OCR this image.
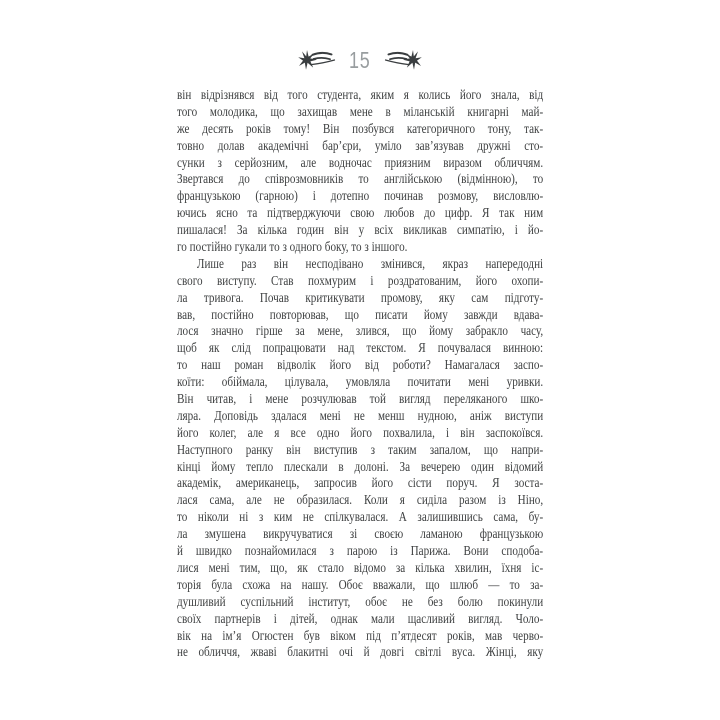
15
він відрізнявся від того студента, яким я колись його знала, від
того молодика, що захищав мене в міланській книгарні май-
же десять років тому! Він позбувся категоричного тону, так-
товно долав академічні бар’єри, уміло зав’язував дружні сто-
сунки з серйозним, але водночас приязним виразом обличчям.
Звертався до співрозмовників то англійською (відмінною), то
французькою (гарною) і дотепно починав розмову, висловлю-
ючись ясно та підтверджуючи свою любов до цифр. Я так ним
пишалася! За кілька годин він у всіх викликав симпатію, і йо-
го постійно гукали то з одного боку, то з іншого.
Лише раз він несподівано змінився, якраз напередодні
свого виступу. Став похмурим і роздратованим, його охопи-
ла тривога. Почав критикувати промову, яку сам підготу-
вав, постійно повторював, що писати йому завжди вдава-
лося значно гірше за мене, злився, що йому забракло часу,
щоб як слід попрацювати над текстом. Я почувалася винною:
то наш роман відволік його від роботи? Намагалася заспо-
коїти: обіймала, цілувала, умовляла почитати мені уривки.
Він читав, і мене розчулював той вигляд переляканого шко-
ляра. Доповідь здалася мені не менш нудною, аніж виступи
його колег, але я все одно його похвалила, і він заспокоївся.
Наступного ранку він виступив з таким запалом, що напри-
кінці йому тепло плескали в долоні. За вечерею один відомий
академік, американець, запросив його сісти поруч. Я зоста-
лася сама, але не образилася. Коли я сиділа разом із Ніно,
то ніколи ні з ким не спілкувалася. А залишившись сама, бу-
ла змушена викручуватися зі своєю ламаною французькою
й швидко познайомилася з парою із Парижа. Вони сподоба-
лися мені тим, що, як стало відомо за кілька хвилин, їхня іс-
торія була схожа на нашу. Обоє вважали, що шлюб — то за-
душливий суспільний інститут, обоє не без болю покинули
своїх партнерів і дітей, однак мали щасливий вигляд. Чоло-
вік на ім’я Огюстен був віком під п’ятдесят років, мав черво-
не обличчя, жваві блакитні очі й довгі світлі вуса. Жінці, яку
